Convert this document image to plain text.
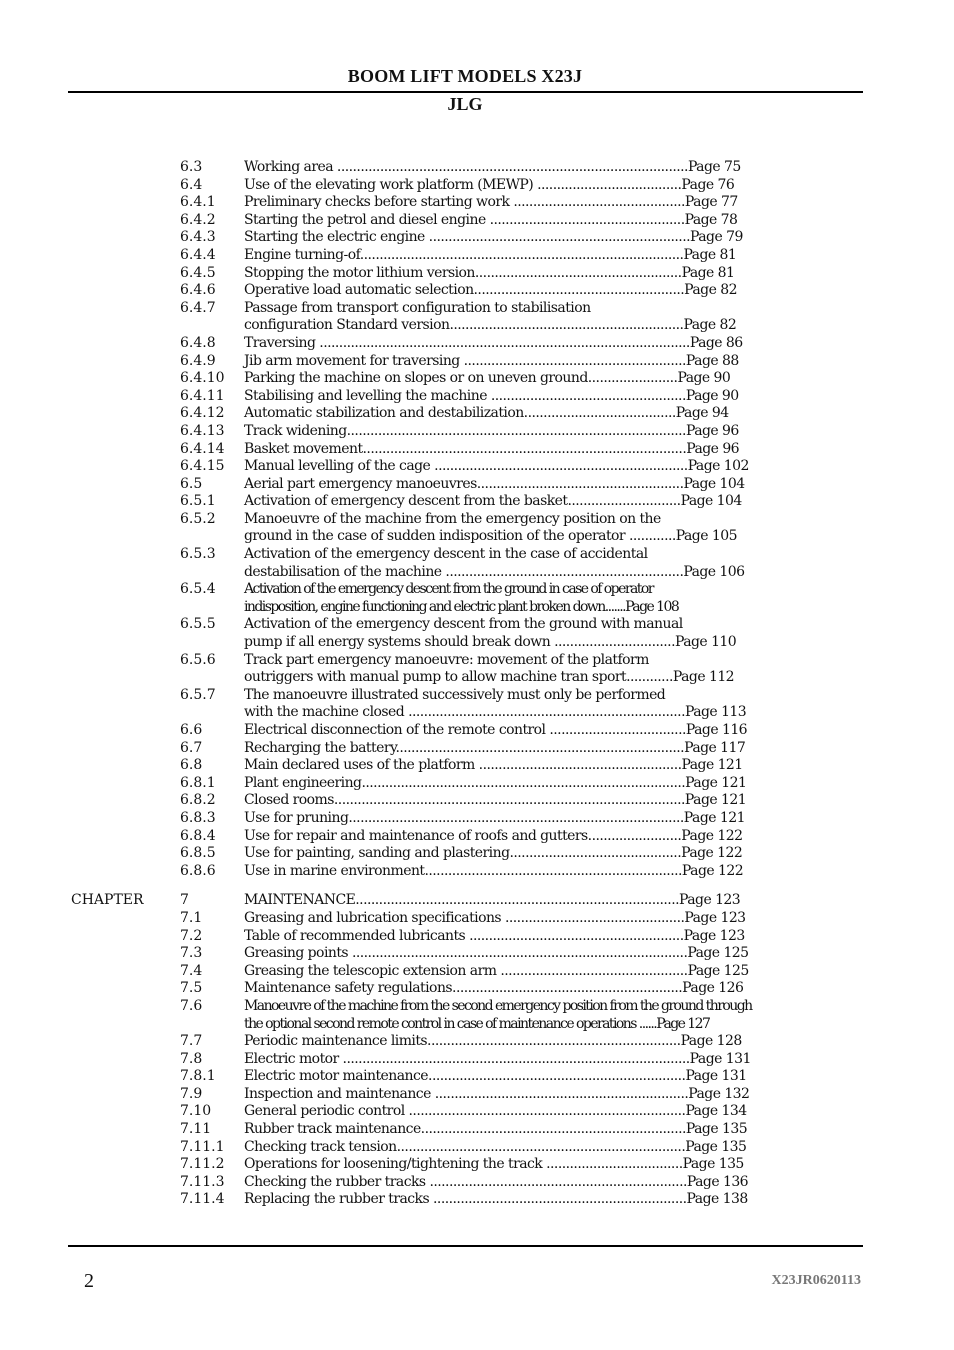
BOOM LIFT MODELS X23J
JLG
6.3	Working area ..........................................................................................Page 75
6.4	Use of the elevating work platform (MEWP) .....................................Page 76
6.4.1 Preliminary checks before starting work ............................................Page 77
6.4.2 Starting the petrol and diesel engine ..................................................Page 78
6.4.3 Starting the electric engine ...................................................................Page 79
6.4.4 Engine turning-of...................................................................................Page 81
6.4.5 Stopping the motor lithium version.....................................................Page 81
6.4.6 Operative load automatic selection......................................................Page 82
6.4.7 Passage from transport configuration to stabilisation
configuration Standard version............................................................Page 82
6.4.8 Traversing ...............................................................................................Page 86
6.4.9 Jib arm movement for traversing .........................................................Page 88
6.4.10 Parking the machine on slopes or on uneven ground.......................Page 90
6.4.11 Stabilising and levelling the machine ..................................................Page 90
6.4.12 Automatic stabilization and destabilization.......................................Page 94
6.4.13 Track widening.......................................................................................Page 96
6.4.14 Basket movement...................................................................................Page 96
6.4.15 Manual levelling of the cage .................................................................Page 102
6.5	Aerial part emergency manoeuvres.....................................................Page 104
6.5.1 Activation of emergency descent from the basket.............................Page 104
6.5.2 Manoeuvre of the machine from the emergency position on the
ground in the case of sudden indisposition of the operator ............Page 105
6.5.3 Activation of the emergency descent in the case of accidental
destabilisation of the machine .............................................................Page 106
6.5.4 Activation of the emergency descent from the ground in case of operator
indisposition, engine functioning and electric plant broken down.......Page 108
6.5.5 Activation of the emergency descent from the ground with manual
pump if all energy systems should break down ...............................Page 110
6.5.6 Track part emergency manoeuvre: movement of the platform
outriggers with manual pump to allow machine tran sport............Page 112
6.5.7 The manoeuvre illustrated successively must only be performed
with the machine closed .......................................................................Page 113
6.6	Electrical disconnection of the remote control ...................................Page 116
6.7	Recharging the battery..........................................................................Page 117
6.8	Main declared uses of the platform ....................................................Page 121
6.8.1 Plant engineering...................................................................................Page 121
6.8.2 Closed rooms..........................................................................................Page 121
6.8.3 Use for pruning......................................................................................Page 121
6.8.4 Use for repair and maintenance of roofs and gutters........................Page 122
6.8.5 Use for painting, sanding and plastering............................................Page 122
6.8.6 Use in marine environment..................................................................Page 122
CHAPTER	7	MAINTENANCE...................................................................................Page 123
7.1	Greasing and lubrication specifications ..............................................Page 123
7.2	Table of recommended lubricants .......................................................Page 123
7.3	Greasing points ......................................................................................Page 125
7.4	Greasing the telescopic extension arm ................................................Page 125
7.5	Maintenance safety regulations...........................................................Page 126
7.6	Manoeuvre of the machine from the second emergency position from the ground through
the optional second remote control in case of maintenance operations ......Page 127
7.7	Periodic maintenance limits.................................................................Page 128
7.8	Electric motor .........................................................................................Page 131
7.8.1 Electric motor maintenance..................................................................Page 131
7.9	Inspection and maintenance .................................................................Page 132
7.10 General periodic control .......................................................................Page 134
7.11 Rubber track maintenance....................................................................Page 135
7.11.1 Checking track tension..........................................................................Page 135
7.11.2 Operations for loosening/tightening the track ...................................Page 135
7.11.3 Checking the rubber tracks ..................................................................Page 136
7.11.4 Replacing the rubber tracks .................................................................Page 138
2	X23JR0620113
